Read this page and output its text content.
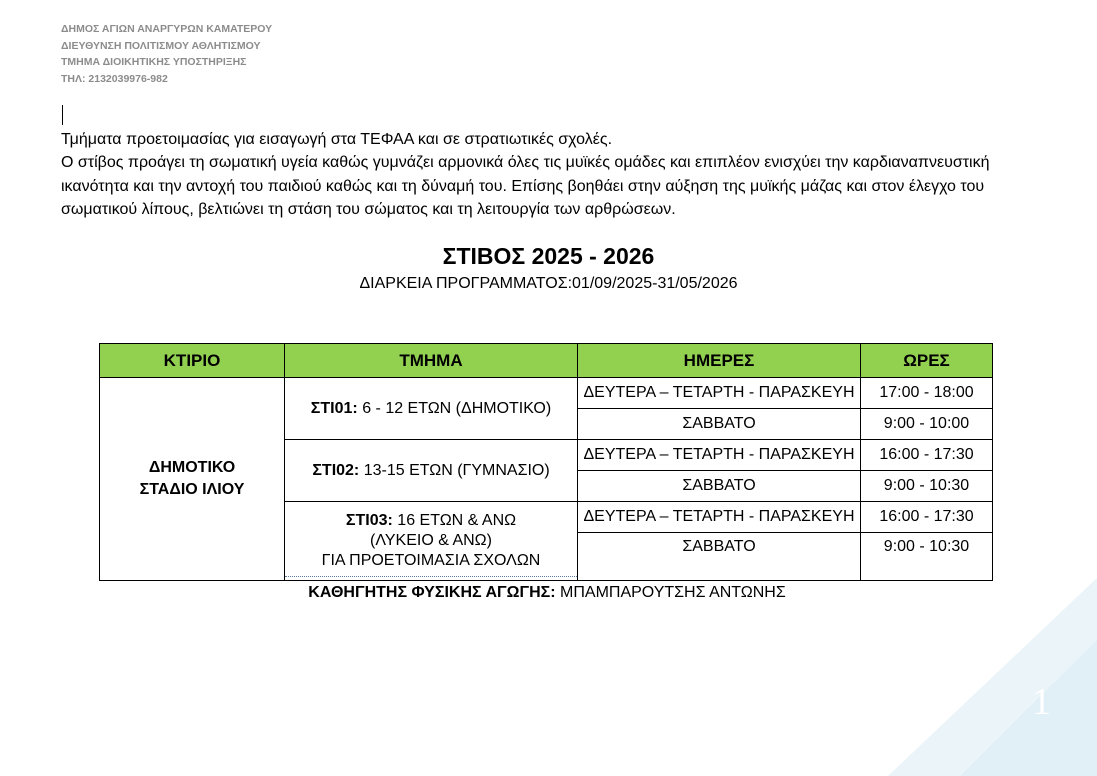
1
ΔΗΜΟΣ ΑΓΙΩΝ ΑΝΑΡΓΥΡΩΝ ΚΑΜΑΤΕΡΟΥ
ΔΙΕΥΘΥΝΣΗ ΠΟΛΙΤΙΣΜΟΥ ΑΘΛΗΤΙΣΜΟΥ
ΤΜΗΜΑ ΔΙΟΙΚΗΤΙΚΗΣ ΥΠΟΣΤΗΡΙΞΗΣ
ΤΗΛ: 2132039976-982
Τμήματα προετοιμασίας για εισαγωγή στα ΤΕΦΑΑ και σε στρατιωτικές σχολές.
Ο στίβος προάγει τη σωματική υγεία καθώς γυμνάζει αρμονικά όλες τις μυϊκές ομάδες και επιπλέον ενισχύει την καρδιαναπνευστική ικανότητα και την αντοχή του παιδιού καθώς και τη δύναμή του. Επίσης βοηθάει στην αύξηση της μυϊκής μάζας και στον έλεγχο του σωματικού λίπους, βελτιώνει τη στάση του σώματος και τη λειτουργία των αρθρώσεων.
ΣΤΙΒΟΣ 2025 - 2026
ΔΙΑΡΚΕΙΑ ΠΡΟΓΡΑΜΜΑΤΟΣ:01/09/2025-31/05/2026
ΚΤΙΡΙΟ	ΤΜΗΜΑ	ΗΜΕΡΕΣ	ΩΡΕΣ

ΔΗΜΟΤΙΚΟ
ΣΤΑΔΙΟ ΙΛΙΟΥ	ΣΤΙ01: 6 - 12 ΕΤΩΝ (ΔΗΜΟΤΙΚΟ)	ΔΕΥΤΕΡΑ – ΤΕΤΑΡΤΗ - ΠΑΡΑΣΚΕΥΗ	17:00 - 18:00
		ΣΑΒΒΑΤΟ	9:00 - 10:00
	ΣΤΙ02: 13-15 ΕΤΩΝ (ΓΥΜΝΑΣΙΟ)	ΔΕΥΤΕΡΑ – ΤΕΤΑΡΤΗ - ΠΑΡΑΣΚΕΥΗ	16:00 - 17:30
		ΣΑΒΒΑΤΟ	9:00 - 10:30

	ΣΤΙ03: 16 ΕΤΩΝ & ΑΝΩ
(ΛΥΚΕΙΟ & ΑΝΩ)
ΓΙΑ ΠΡΟΕΤΟΙΜΑΣΙΑ ΣΧΟΛΩΝ	ΔΕΥΤΕΡΑ – ΤΕΤΑΡΤΗ - ΠΑΡΑΣΚΕΥΗ	16:00 - 17:30
		ΣΑΒΒΑΤΟ	9:00 - 10:30
ΚΑΘΗΓΗΤΗΣ ΦΥΣΙΚΗΣ ΑΓΩΓΗΣ: ΜΠΑΜΠΑΡΟΥΤΣΗΣ ΑΝΤΩΝΗΣ
